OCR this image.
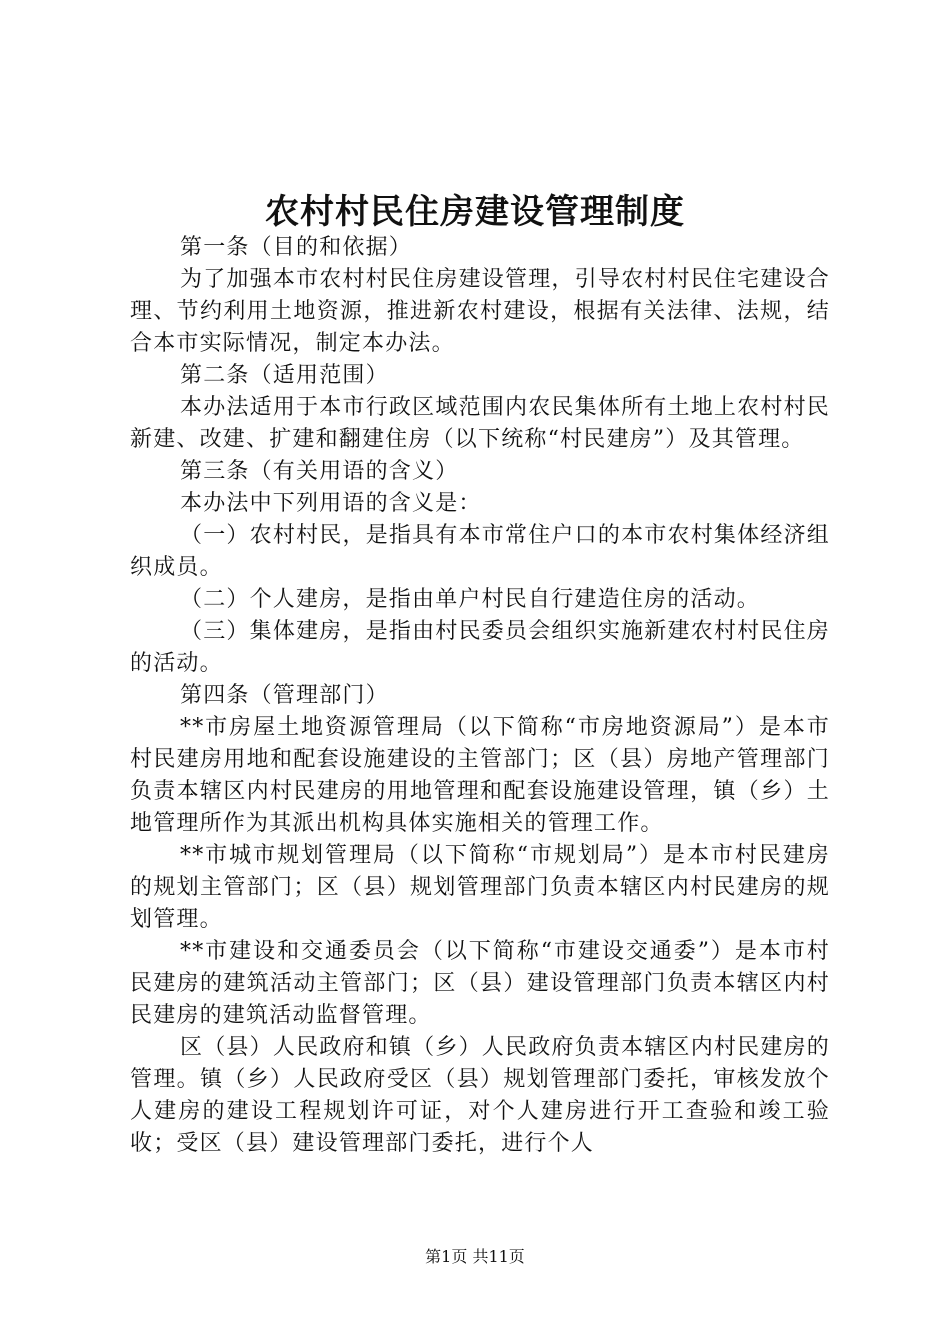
农村村民住房建设管理制度

第一条（目的和依据）

为了加强本市农村村民住房建设管理，引导农村村民住宅建设合理、节约利用土地资源，推进新农村建设，根据有关法律、法规，结合本市实际情况，制定本办法。

第二条（适用范围）

本办法适用于本市行政区域范围内农民集体所有土地上农村村民新建、改建、扩建和翻建住房（以下统称“村民建房”）及其管理。

第三条（有关用语的含义）

本办法中下列用语的含义是：

（一）农村村民，是指具有本市常住户口的本市农村集体经济组织成员。

（二）个人建房，是指由单户村民自行建造住房的活动。

（三）集体建房，是指由村民委员会组织实施新建农村村民住房的活动。

第四条（管理部门）

**市房屋土地资源管理局（以下简称“市房地资源局”）是本市村民建房用地和配套设施建设的主管部门；区（县）房地产管理部门负责本辖区内村民建房的用地管理和配套设施建设管理，镇（乡）土地管理所作为其派出机构具体实施相关的管理工作。

**市城市规划管理局（以下简称“市规划局”）是本市村民建房的规划主管部门；区（县）规划管理部门负责本辖区内村民建房的规划管理。

**市建设和交通委员会（以下简称“市建设交通委”）是本市村民建房的建筑活动主管部门；区（县）建设管理部门负责本辖区内村民建房的建筑活动监督管理。

区（县）人民政府和镇（乡）人民政府负责本辖区内村民建房的管理。镇（乡）人民政府受区（县）规划管理部门委托，审核发放个人建房的建设工程规划许可证，对个人建房进行开工查验和竣工验收；受区（县）建设管理部门委托，进行个人

第1页 共11页
